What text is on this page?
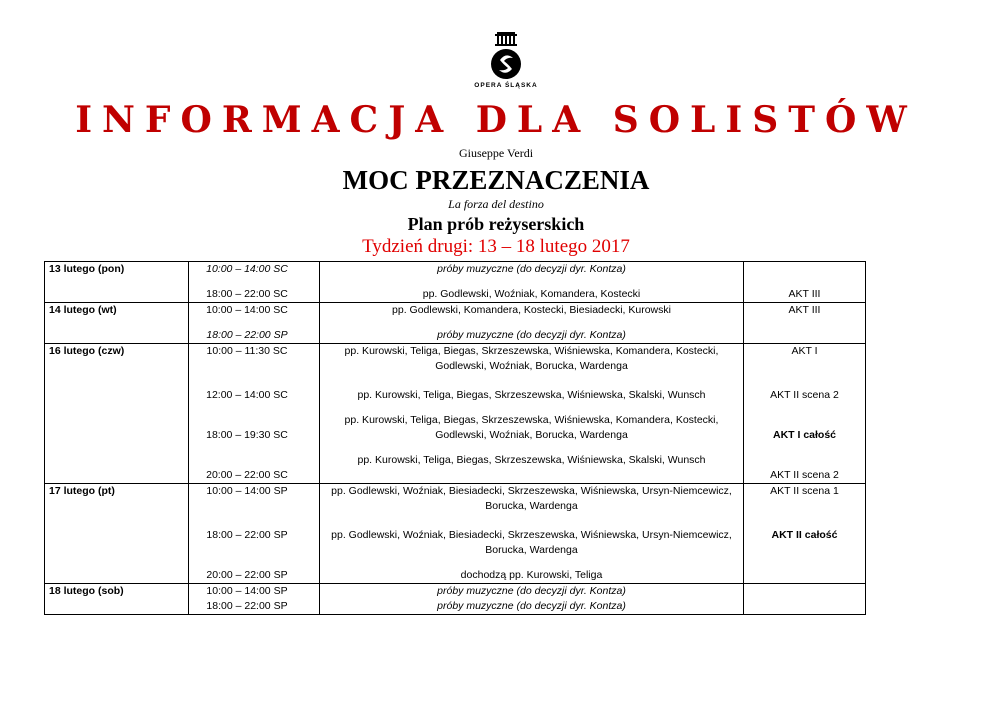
OPERA ŚLĄSKA
INFORMACJA DLA SOLISTÓW
Giuseppe Verdi
MOC PRZEZNACZENIA
La forza del destino
Plan prób reżyserskich
Tydzień drugi: 13 – 18 lutego 2017
13 lutego (pon)	10:00 – 14:00 SC	próby muzyczne (do decyzji dyr. Kontza)	

	18:00 – 22:00 SC	pp. Godlewski, Woźniak, Komandera, Kostecki	AKT III
14 lutego (wt)	10:00 – 14:00 SC	pp. Godlewski, Komandera, Kostecki, Biesiadecki, Kurowski	AKT III

	18:00 – 22:00 SP	próby muzyczne (do decyzji dyr. Kontza)	
16 lutego (czw)	10:00 – 11:30 SC	pp. Kurowski, Teliga, Biegas, Skrzeszewska, Wiśniewska, Komandera, Kostecki, Godlewski, Woźniak, Borucka, Wardenga	AKT I

	12:00 – 14:00 SC	pp. Kurowski, Teliga, Biegas, Skrzeszewska, Wiśniewska, Skalski, Wunsch	AKT II scena 2

	18:00 – 19:30 SC	pp. Kurowski, Teliga, Biegas, Skrzeszewska, Wiśniewska, Komandera, Kostecki, Godlewski, Woźniak, Borucka, Wardenga	AKT I całość

	20:00 – 22:00 SC	pp. Kurowski, Teliga, Biegas, Skrzeszewska, Wiśniewska, Skalski, Wunsch	AKT II scena 2
17 lutego (pt)	10:00 – 14:00 SP	pp. Godlewski, Woźniak, Biesiadecki, Skrzeszewska, Wiśniewska, Ursyn-Niemcewicz, Borucka, Wardenga	AKT II scena 1

	18:00 – 22:00 SP	pp. Godlewski, Woźniak, Biesiadecki, Skrzeszewska, Wiśniewska, Ursyn-Niemcewicz, Borucka, Wardenga	AKT II całość

	20:00 – 22:00 SP	dochodzą pp. Kurowski, Teliga	
18 lutego (sob)	10:00 – 14:00 SP	próby muzyczne (do decyzji dyr. Kontza)	
	18:00 – 22:00 SP	próby muzyczne (do decyzji dyr. Kontza)	
